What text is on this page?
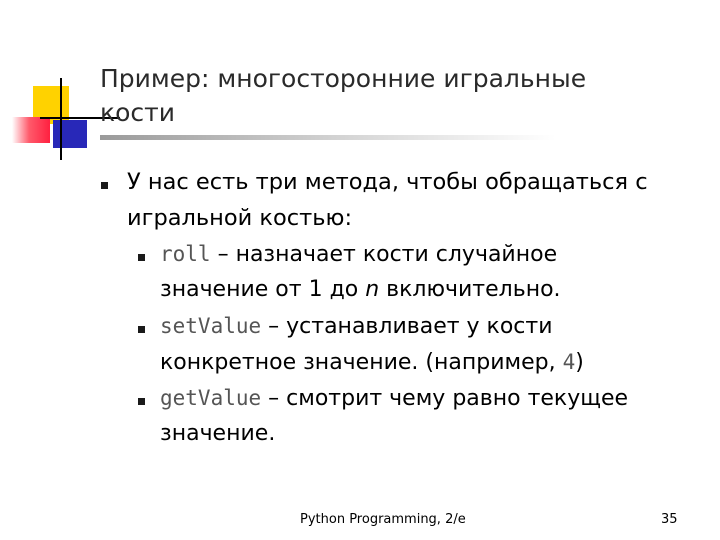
Пример: многосторонние игральные
кости
У нас есть три метода, чтобы обращаться с
игральной костью:
roll – назначает кости случайное
значение от 1 до n включительно.
setValue – устанавливает у кости
конкретное значение. (например, 4)
getValue – смотрит чему равно текущее
значение.
Python Programming, 2/e	35
